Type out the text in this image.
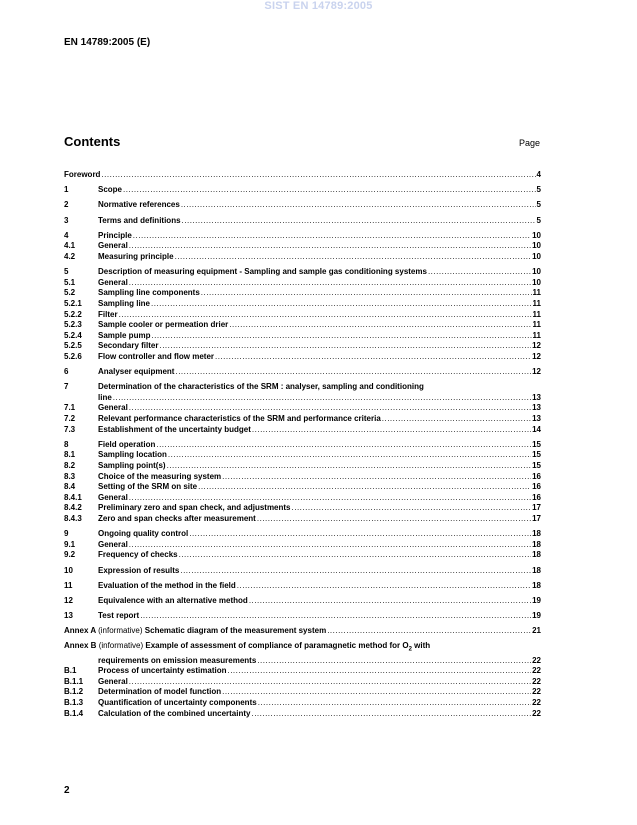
SIST EN 14789:2005
EN 14789:2005 (E)
Contents	Page
Foreword .....	4
1	Scope .....	5
2	Normative references .....	5
3	Terms and definitions .....	5
4	Principle .....	10
4.1	General .....	10
4.2	Measuring principle .....	10
5	Description of measuring equipment - Sampling and sample gas conditioning systems .....	10
5.1	General .....	10
5.2	Sampling line components .....	11
5.2.1	Sampling line .....	11
5.2.2	Filter .....	11
5.2.3	Sample cooler or permeation drier .....	11
5.2.4	Sample pump .....	11
5.2.5	Secondary filter .....	12
5.2.6	Flow controller and flow meter .....	12
6	Analyser equipment .....	12
7	Determination of the characteristics of the SRM : analyser, sampling and conditioning
line .....	13
7.1	General .....	13
7.2	Relevant performance characteristics of the SRM and performance criteria .....	13
7.3	Establishment of the uncertainty budget .....	14
8	Field operation .....	15
8.1	Sampling location .....	15
8.2	Sampling point(s) .....	15
8.3	Choice of the measuring system .....	16
8.4	Setting of the SRM on site .....	16
8.4.1	General .....	16
8.4.2	Preliminary zero and span check, and adjustments .....	17
8.4.3	Zero and span checks after measurement .....	17
9	Ongoing quality control .....	18
9.1	General .....	18
9.2	Frequency of checks .....	18
10	Expression of results .....	18
11	Evaluation of the method in the field .....	18
12	Equivalence with an alternative method .....	19
13	Test report .....	19
Annex A (informative) Schematic diagram of the measurement system .....	21
Annex B (informative) Example of assessment of compliance of paramagnetic method for $O_2$ with
requirements on emission measurements .....	22
B.1	Process of uncertainty estimation .....	22
B.1.1	General .....	22
B.1.2	Determination of model function .....	22
B.1.3	Quantification of uncertainty components .....	22
B.1.4	Calculation of the combined uncertainty .....	22
2
